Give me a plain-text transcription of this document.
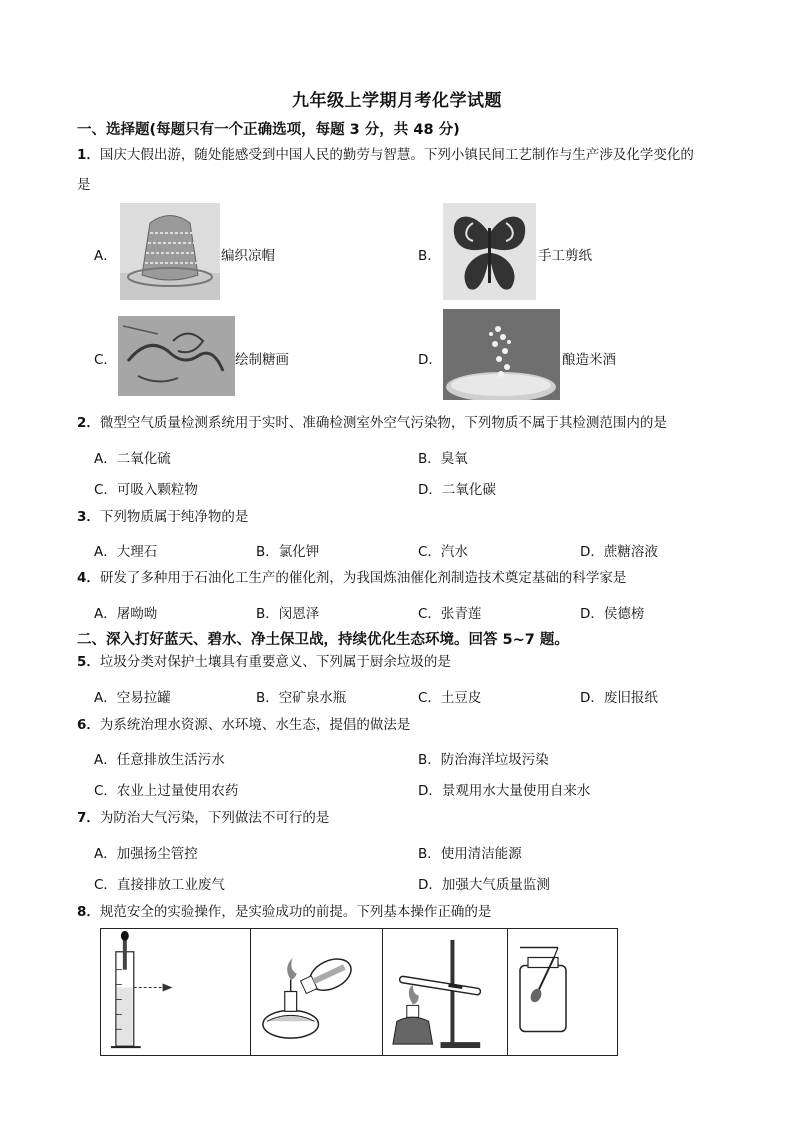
九年级上学期月考化学试题
一、选择题(每题只有一个正确选项，每题 3 分，共 48 分)
1．国庆大假出游，随处能感受到中国人民的勤劳与智慧。下列小镇民间工艺制作与生产涉及化学变化的
是
A．	编织凉帽	B．	手工剪纸
C．	绘制糖画	D．	酿造米酒
2．微型空气质量检测系统用于实时、准确检测室外空气污染物，下列物质不属于其检测范围内的是
A．二氧化硫	B．臭氧
C．可吸入颗粒物	D．二氧化碳
3．下列物质属于纯净物的是
A．大理石	B．氯化钾	C．汽水	D．蔗糖溶液
4．研发了多种用于石油化工生产的催化剂，为我国炼油催化剂制造技术奠定基础的科学家是
A．屠呦呦	B．闵恩泽	C．张青莲	D．侯德榜
二、深入打好蓝天、碧水、净土保卫战，持续优化生态环境。回答 5~7 题。
5．垃圾分类对保护土壤具有重要意义、下列属于厨余垃圾的是
A．空易拉罐	B．空矿泉水瓶	C．土豆皮	D．废旧报纸
6．为系统治理水资源、水环境、水生态，提倡的做法是
A．任意排放生活污水	B．防治海洋垃圾污染
C．农业上过量使用农药	D．景观用水大量使用自来水
7．为防治大气污染，下列做法不可行的是
A．加强扬尘管控	B．使用清洁能源
C．直接排放工业废气	D．加强大气质量监测
8．规范安全的实验操作，是实验成功的前提。下列基本操作正确的是
